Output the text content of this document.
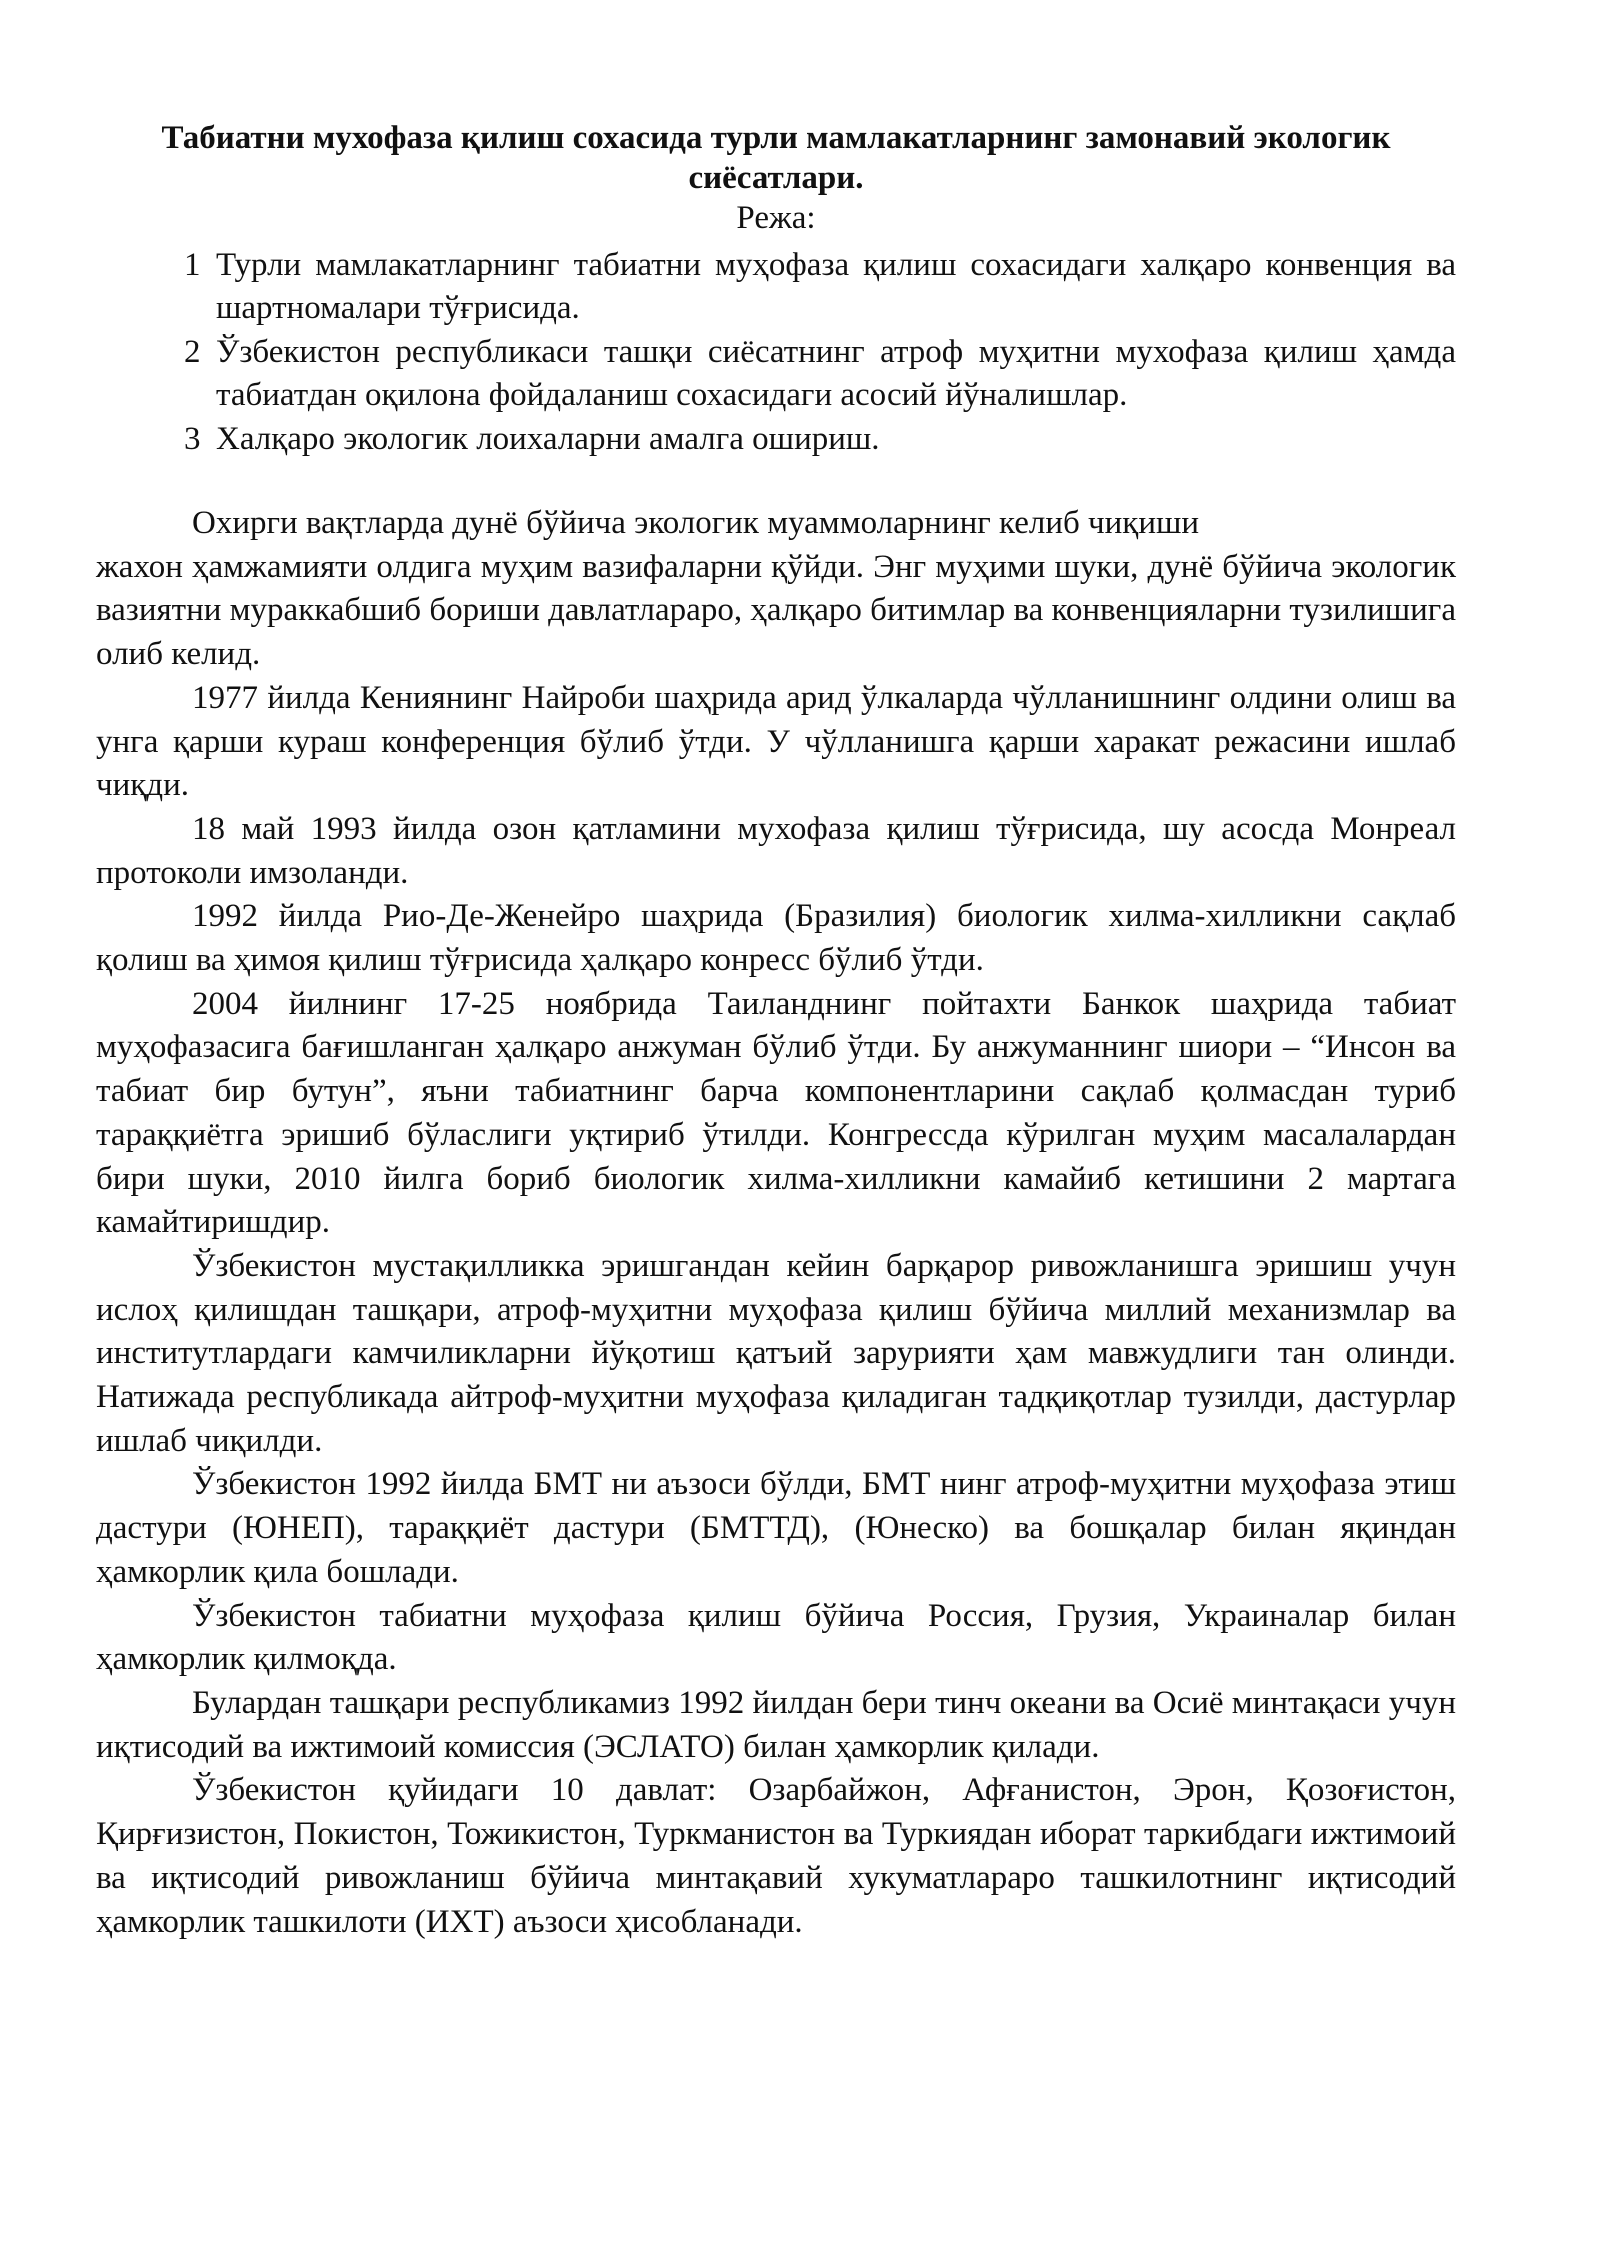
Табиатни мухофаза қилиш сохасида турли мамлакатларнинг замонавий экологик сиёсатлари.
Режа:
1 Турли мамлакатларнинг табиатни муҳофаза қилиш сохасидаги халқаро конвенция ва шартномалари тўғрисида.
2 Ўзбекистон республикаси ташқи сиёсатнинг атроф муҳитни мухофаза қилиш ҳамда табиатдан оқилона фойдаланиш сохасидаги асосий йўналишлар.
3 Халқаро экологик лоихаларни амалга ошириш.

Охирги вақтларда дунё бўйича экологик муаммоларнинг келиб чиқиши

жахон ҳамжамияти олдига муҳим вазифаларни қўйди. Энг муҳими шуки, дунё бўйича экологик вазиятни мураккабшиб бориши давлатлараро, ҳалқаро битимлар ва конвенцияларни тузилишига олиб келид.

1977 йилда Кениянинг Найроби шаҳрида арид ўлкаларда чўлланишнинг олдини олиш ва унга қарши кураш конференция бўлиб ўтди. У чўлланишга қарши харакат режасини ишлаб чиқди.

18 май 1993 йилда озон қатламини мухофаза қилиш тўғрисида, шу асосда Монреал протоколи имзоланди.

1992 йилда Рио-Де-Женейро шаҳрида (Бразилия) биологик хилма-хилликни сақлаб қолиш ва ҳимоя қилиш тўғрисида ҳалқаро конресс бўлиб ўтди.

2004 йилнинг 17-25 ноябрида Таиланднинг пойтахти Банкок шаҳрида табиат муҳофазасига бағишланган ҳалқаро анжуман бўлиб ўтди. Бу анжуманнинг шиори – “Инсон ва табиат бир бутун”, яъни табиатнинг барча компонентларини сақлаб қолмасдан туриб тараққиётга эришиб бўласлиги уқтириб ўтилди. Конгрессда кўрилган муҳим масалалардан бири шуки, 2010 йилга бориб биологик хилма-хилликни камайиб кетишини 2 мартага камайтиришдир.

Ўзбекистон мустақилликка эришгандан кейин барқарор ривожланишга эришиш учун ислоҳ қилишдан ташқари, атроф-муҳитни муҳофаза қилиш бўйича миллий механизмлар ва институтлардаги камчиликларни йўқотиш қатъий зарурияти ҳам мавжудлиги тан олинди. Натижада республикада айтроф-муҳитни муҳофаза қиладиган тадқиқотлар тузилди, дастурлар ишлаб чиқилди.

Ўзбекистон 1992 йилда БМТ ни аъзоси бўлди, БМТ нинг атроф-муҳитни муҳофаза этиш дастури (ЮНЕП), тараққиёт дастури (БМТТД), (Юнеско) ва бошқалар билан яқиндан ҳамкорлик қила бошлади.

Ўзбекистон табиатни муҳофаза қилиш бўйича Россия, Грузия, Украиналар билан ҳамкорлик қилмоқда.

Булардан ташқари республикамиз 1992 йилдан бери тинч океани ва Осиё минтақаси учун иқтисодий ва ижтимоий комиссия (ЭСЛАТО) билан ҳамкорлик қилади.

Ўзбекистон қуйидаги 10 давлат: Озарбайжон, Афғанистон, Эрон, Қозоғистон, Қирғизистон, Покистон, Тожикистон, Туркманистон ва Туркиядан иборат таркибдаги ижтимоий ва иқтисодий ривожланиш бўйича минтақавий хукуматлараро ташкилотнинг иқтисодий ҳамкорлик ташкилоти (ИХТ) аъзоси ҳисобланади.
